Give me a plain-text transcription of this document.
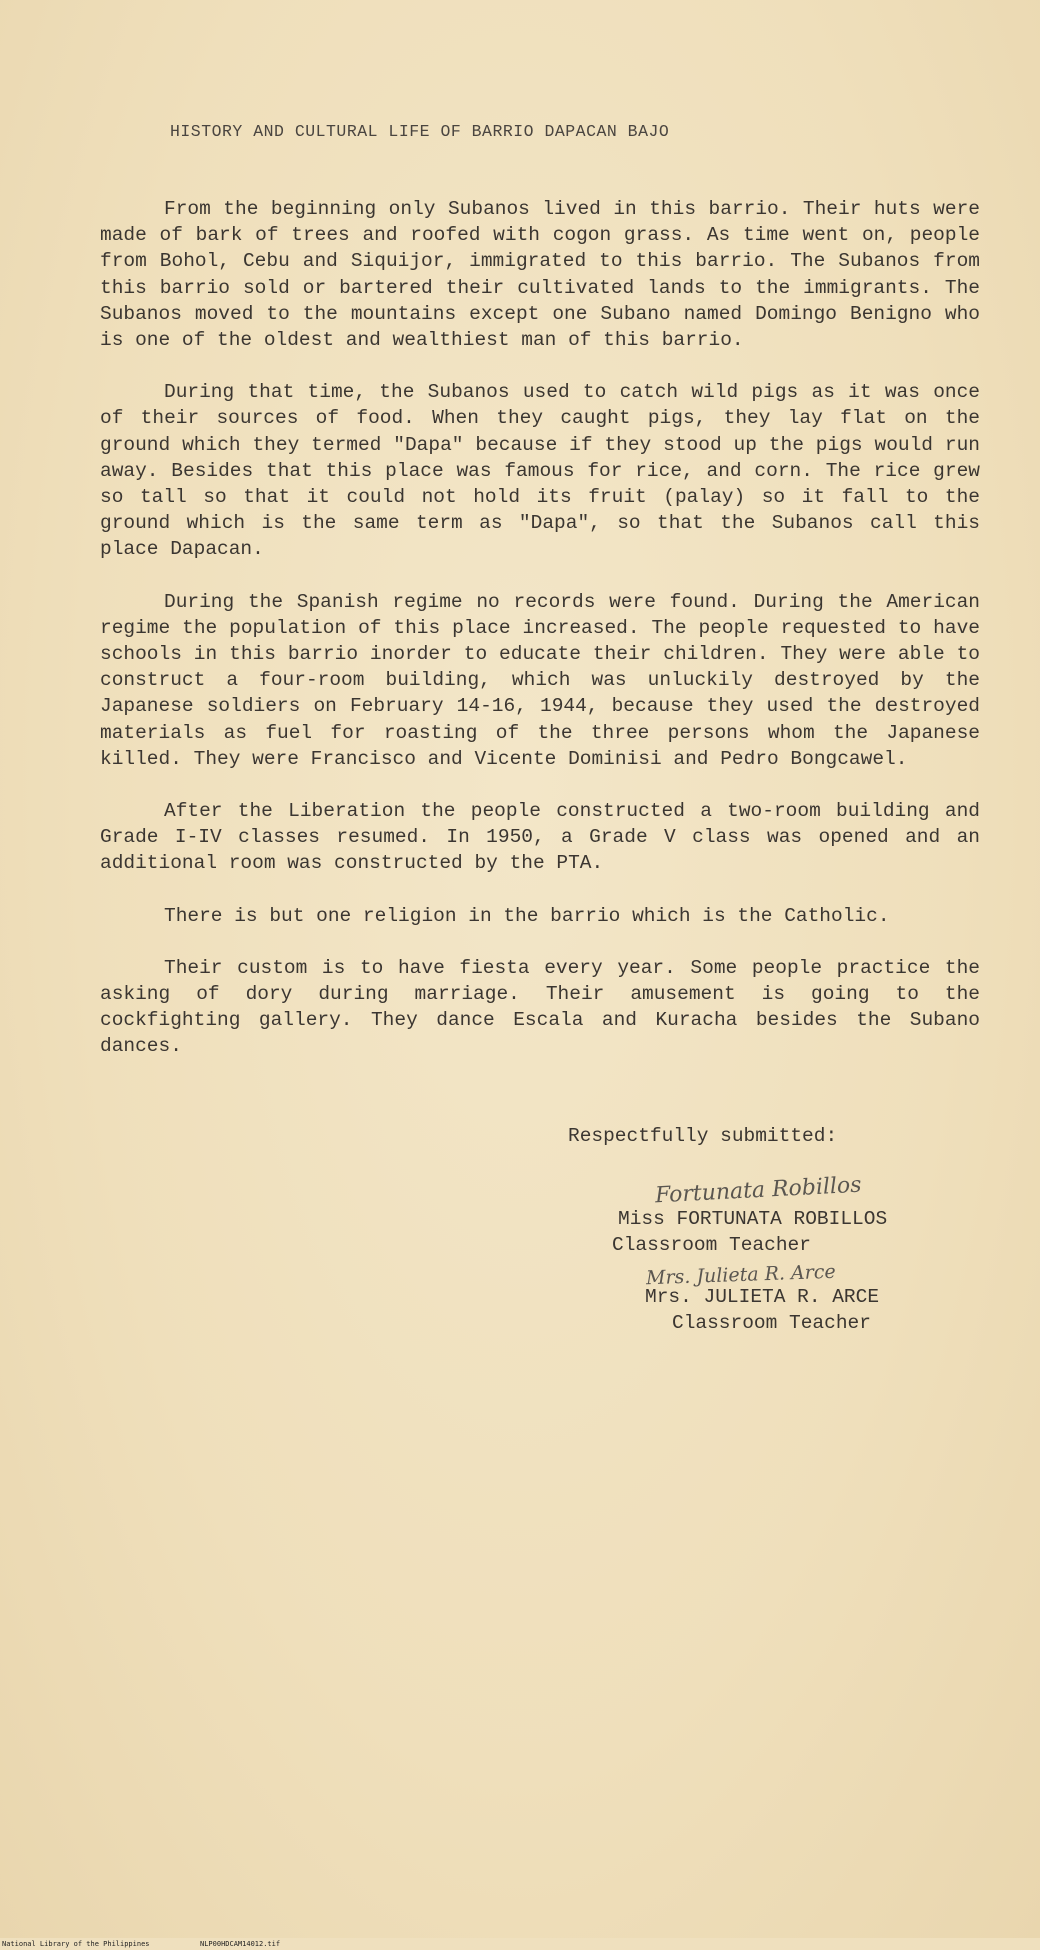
HISTORY AND CULTURAL LIFE OF BARRIO DAPACAN BAJO

From the beginning only Subanos lived in this barrio. Their huts were made of bark of trees and roofed with cogon grass. As time went on, people from Bohol, Cebu and Siquijor, immigrated to this barrio. The Subanos from this barrio sold or bartered their cultivated lands to the immigrants. The Subanos moved to the mountains except one Subano named Domingo Benigno who is one of the oldest and wealthiest man of this barrio.

During that time, the Subanos used to catch wild pigs as it was once of their sources of food. When they caught pigs, they lay flat on the ground which they termed "Dapa" because if they stood up the pigs would run away. Besides that this place was famous for rice, and corn. The rice grew so tall so that it could not hold its fruit (palay) so it fall to the ground which is the same term as "Dapa", so that the Subanos call this place Dapacan.

During the Spanish regime no records were found. During the American regime the population of this place increased. The people requested to have schools in this barrio inorder to educate their children. They were able to construct a four-room building, which was unluckily destroyed by the Japanese soldiers on February 14-16, 1944, because they used the destroyed materials as fuel for roasting of the three persons whom the Japanese killed. They were Francisco and Vicente Dominisi and Pedro Bongcawel.

After the Liberation the people constructed a two-room building and Grade I-IV classes resumed. In 1950, a Grade V class was opened and an additional room was constructed by the PTA.

There is but one religion in the barrio which is the Catholic.

Their custom is to have fiesta every year. Some people practice the asking of dory during marriage. Their amusement is going to the cockfighting gallery. They dance Escala and Kuracha besides the Subano dances.

Respectfully submitted:
Fortunata Robillos
Miss FORTUNATA ROBILLOS
Classroom Teacher
Mrs. Julieta R. Arce
Mrs. JULIETA R. ARCE
Classroom Teacher
National Library of the Philippines	NLP00HDCAM14012.tif
